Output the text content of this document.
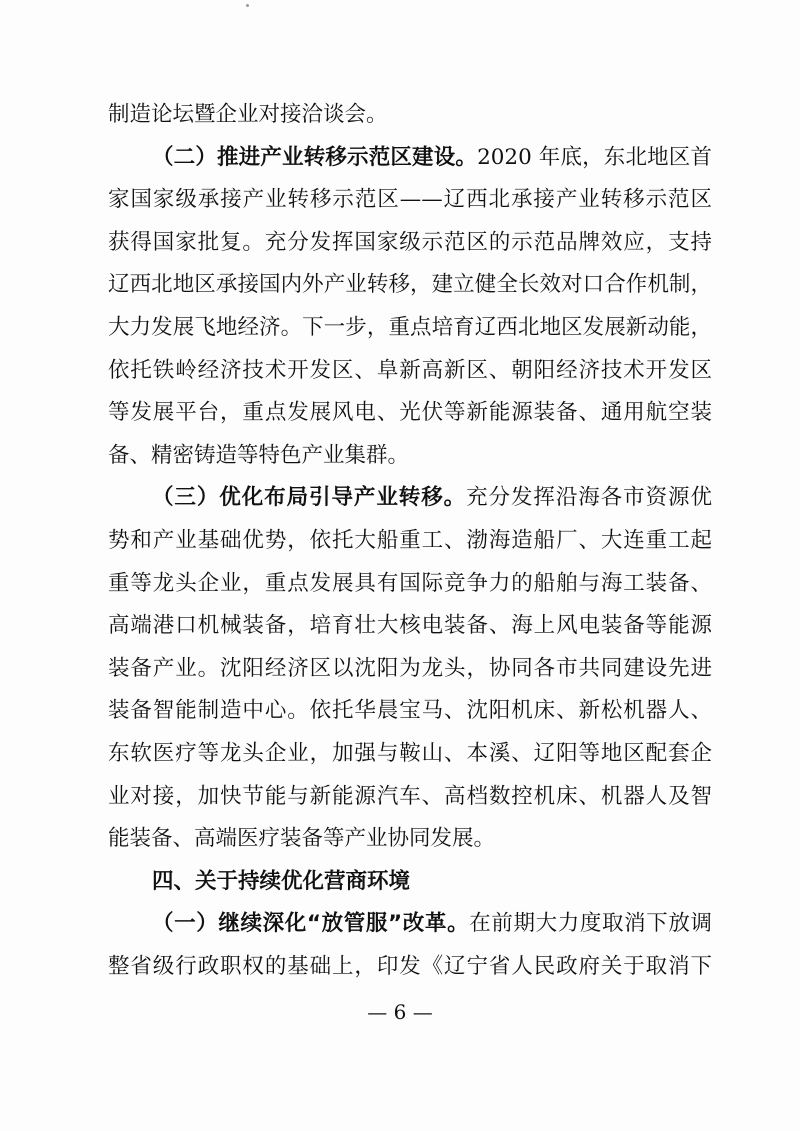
制造论坛暨企业对接洽谈会。
（二）推进产业转移示范区建设。2020 年底，东北地区首
家国家级承接产业转移示范区——辽西北承接产业转移示范区
获得国家批复。充分发挥国家级示范区的示范品牌效应，支持
辽西北地区承接国内外产业转移，建立健全长效对口合作机制，
大力发展飞地经济。下一步，重点培育辽西北地区发展新动能，
依托铁岭经济技术开发区、阜新高新区、朝阳经济技术开发区
等发展平台，重点发展风电、光伏等新能源装备、通用航空装
备、精密铸造等特色产业集群。
（三）优化布局引导产业转移。充分发挥沿海各市资源优
势和产业基础优势，依托大船重工、渤海造船厂、大连重工起
重等龙头企业，重点发展具有国际竞争力的船舶与海工装备、
高端港口机械装备，培育壮大核电装备、海上风电装备等能源
装备产业。沈阳经济区以沈阳为龙头，协同各市共同建设先进
装备智能制造中心。依托华晨宝马、沈阳机床、新松机器人、
东软医疗等龙头企业，加强与鞍山、本溪、辽阳等地区配套企
业对接，加快节能与新能源汽车、高档数控机床、机器人及智
能装备、高端医疗装备等产业协同发展。
四、关于持续优化营商环境
（一）继续深化“放管服”改革。在前期大力度取消下放调
整省级行政职权的基础上，印发《辽宁省人民政府关于取消下
— 6 —
